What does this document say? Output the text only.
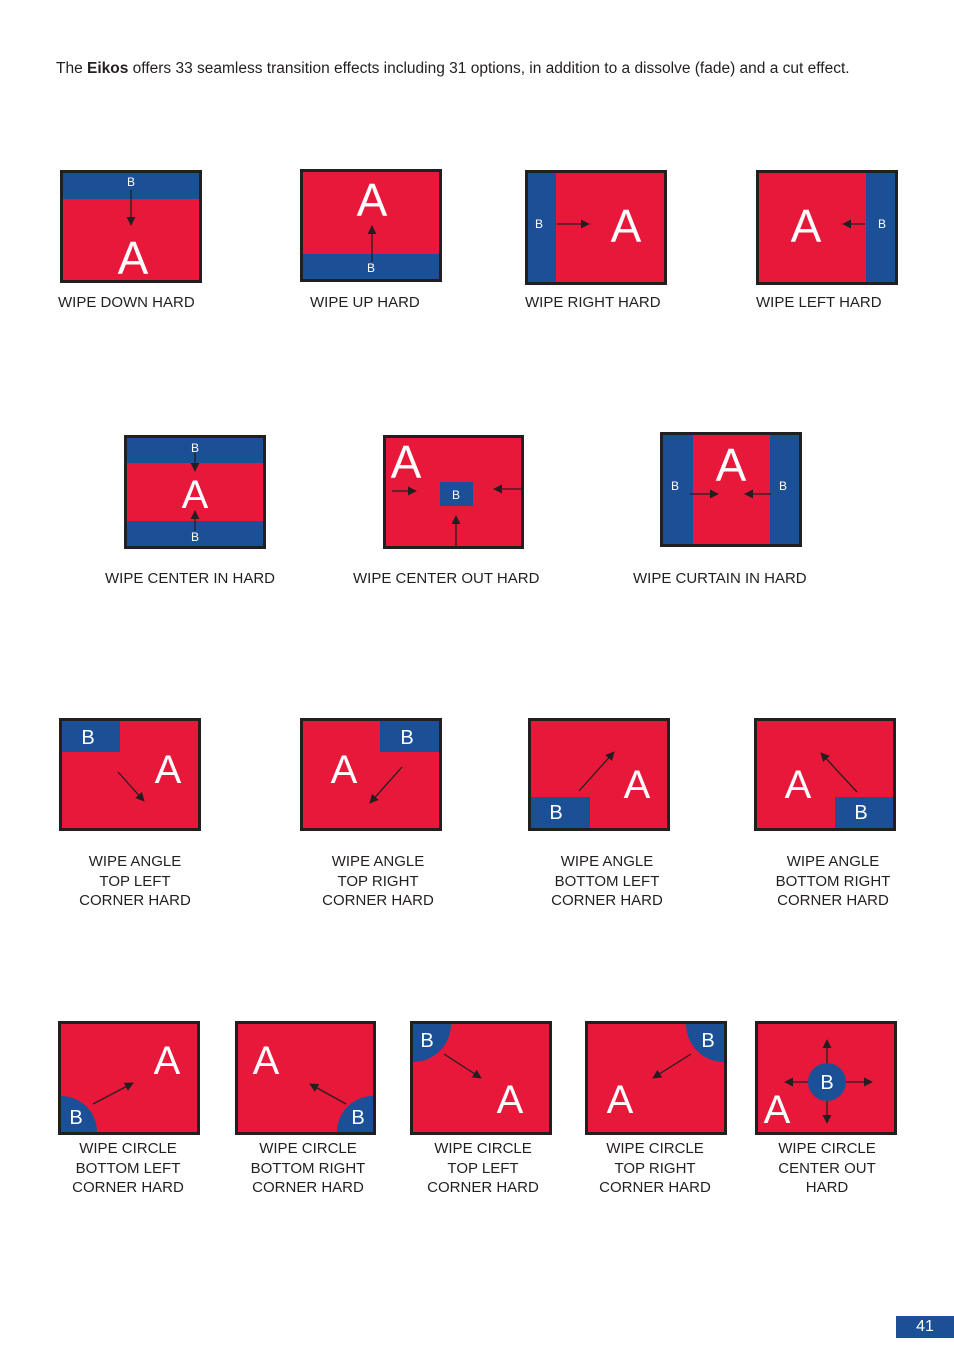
The Eikos offers 33 seamless transition effects including 31 options, in addition to a dissolve (fade) and a cut effect.

B
A	B
A	B A	B
A
WIPE DOWN HARD	WIPE UP HARD	WIPE RIGHT HARD	WIPE LEFT HARD
B
B
A	B
A	B	B
A
WIPE CENTER IN HARD	WIPE CENTER OUT HARD	WIPE CURTAIN IN HARD
B
A
B
A
B
A
B
A
WIPE ANGLE
TOP LEFT
CORNER HARD
WIPE ANGLE
TOP RIGHT
CORNER HARD
WIPE ANGLE
BOTTOM LEFT
CORNER HARD
WIPE ANGLE
BOTTOM RIGHT
CORNER HARD
B
A
B
A	B
A
B
A	B
A
WIPE CIRCLE
BOTTOM LEFT
CORNER HARD
WIPE CIRCLE
BOTTOM RIGHT
CORNER HARD
WIPE CIRCLE
TOP LEFT
CORNER HARD
WIPE CIRCLE
TOP RIGHT
CORNER HARD
WIPE CIRCLE
CENTER OUT
HARD
41
